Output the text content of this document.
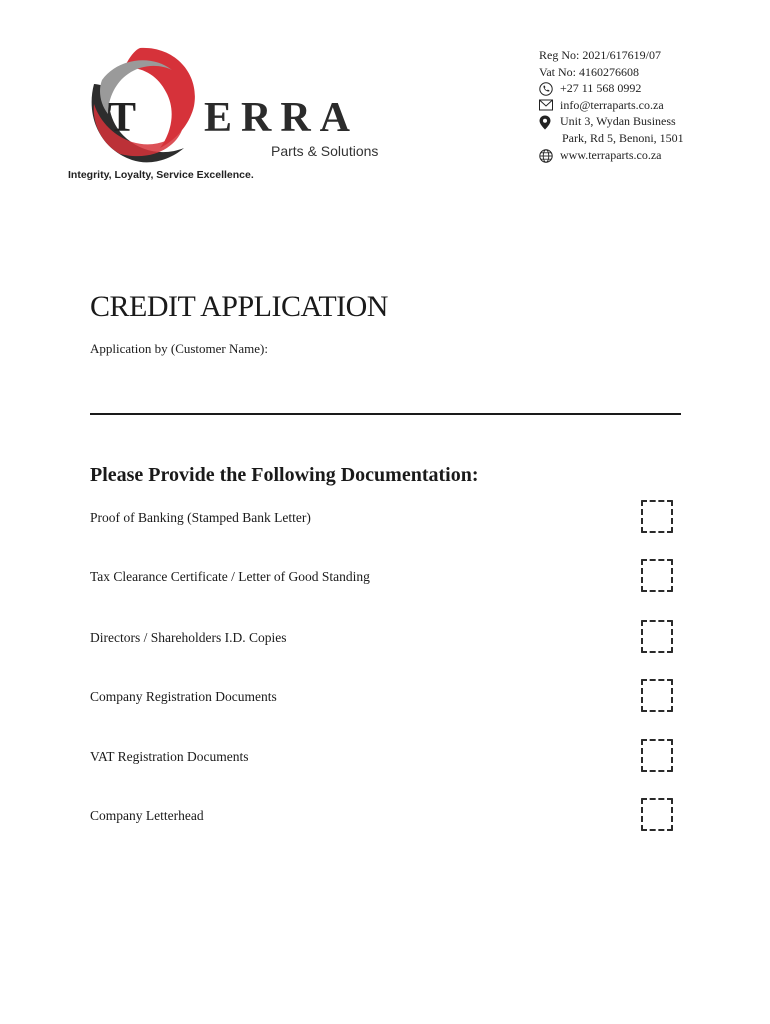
T ERRA
Parts & Solutions
Integrity, Loyalty, Service Excellence.
Reg No: 2021/617619/07
Vat No: 4160276608
+27 11 568 0992
info@terraparts.co.za
Unit 3, Wydan Business
Park, Rd 5, Benoni, 1501
www.terraparts.co.za
CREDIT APPLICATION
Application by (Customer Name):
Please Provide the Following Documentation:
Proof of Banking (Stamped Bank Letter)
Tax Clearance Certificate / Letter of Good Standing
Directors / Shareholders I.D. Copies
Company Registration Documents
VAT Registration Documents
Company Letterhead
